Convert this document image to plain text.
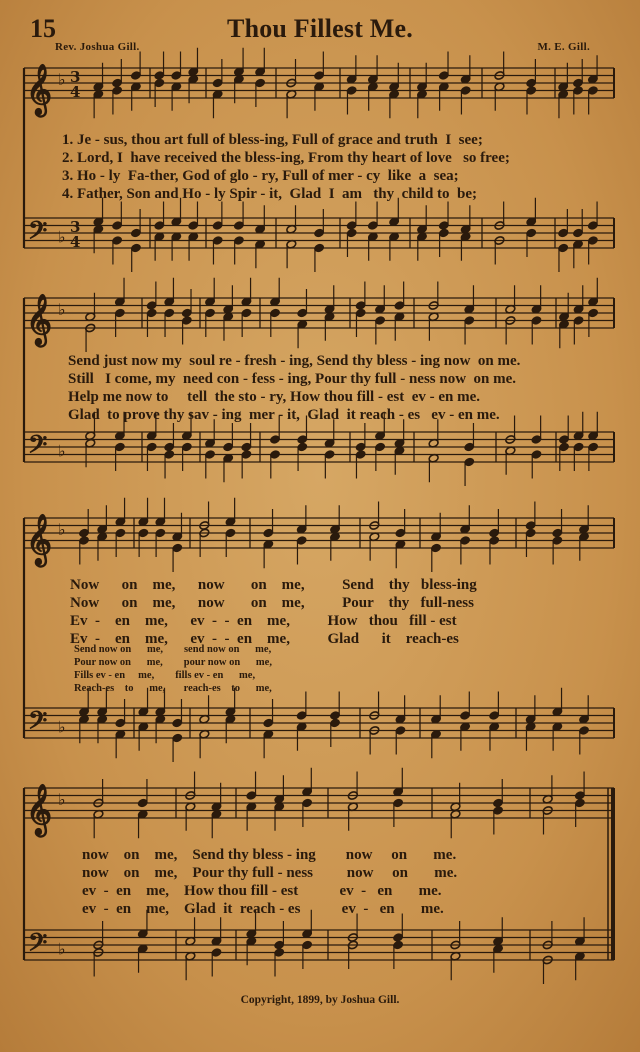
15	Thou Fillest Me.
Rev. Joshua Gill.	M. E. Gill.
𝄞
𝄢
♭
♭
3
4
3
4
𝄞
𝄢
♭
♭
𝄞
𝄢
♭
♭
𝄞
𝄢
♭
♭
1. Je - sus, thou art full of bless-ing, Full of grace and truth  I  see;
2. Lord, I  have received the bless-ing, From thy heart of love   so free;
3. Ho - ly  Fa-ther, God of glo - ry, Full of mer - cy  like  a  sea;
4. Father, Son and Ho - ly Spir - it,  Glad  I  am   thy  child to  be;
Send just now my  soul re - fresh - ing, Send thy bless - ing now  on me.
Still   I come, my  need con - fess - ing, Pour thy full - ness now  on me.
Help me now to     tell  the sto - ry, How thou fill - est  ev - en me.
Glad  to prove thy sav - ing  mer - it,  Glad  it reach - es   ev - en me.
Now      on    me,      now       on    me,          Send    thy   bless-ing
Now      on    me,      now       on    me,          Pour    thy   full-ness
Ev  -    en    me,      ev  -  -  en    me,          How   thou   fill - est
Ev  -    en    me,      ev  -  -  en    me,          Glad      it    reach-es
Send now on      me,        send now on      me,
Pour now on      me,        pour now on      me,
Fills ev - en     me,        fills ev - en      me,
Reach-es    to      me,       reach-es    to      me,
now    on    me,    Send thy bless - ing        now     on       me.
now    on    me,    Pour thy full - ness         now     on       me.
ev  -  en    me,    How thou fill - est           ev  -   en       me.
ev  -  en    me,    Glad  it  reach - es           ev  -   en       me.
Copyright, 1899, by Joshua Gill.
